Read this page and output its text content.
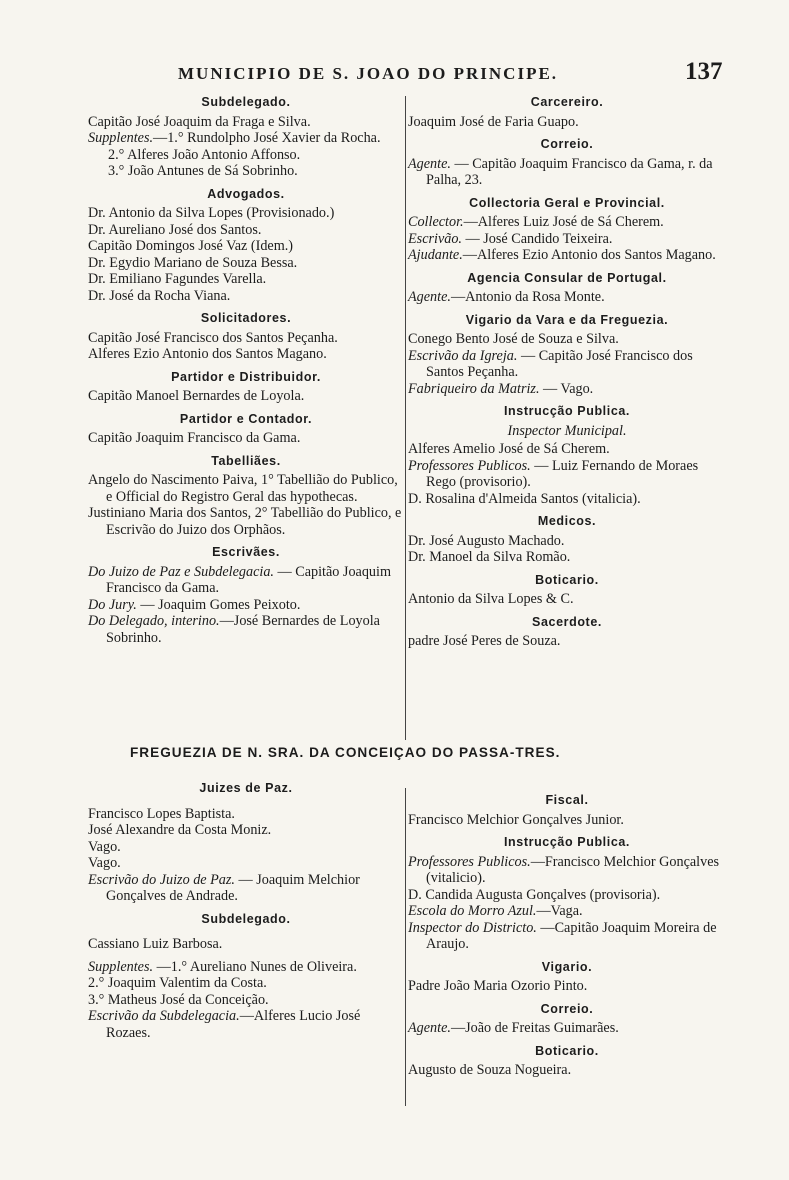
MUNICIPIO DE S. JOAO DO PRINCIPE.	137
Subdelegado.

Capitão José Joaquim da Fraga e Silva.

Supplentes.—1.° Rundolpho José Xavier da Rocha.

2.° Alferes João Antonio Affonso.

3.° João Antunes de Sá Sobrinho.

Advogados.

Dr. Antonio da Silva Lopes (Provisionado.)

Dr. Aureliano José dos Santos.

Capitão Domingos José Vaz (Idem.)

Dr. Egydio Mariano de Souza Bessa.

Dr. Emiliano Fagundes Varella.

Dr. José da Rocha Viana.

Solicitadores.

Capitão José Francisco dos Santos Peçanha.

Alferes Ezio Antonio dos Santos Magano.

Partidor e Distribuidor.

Capitão Manoel Bernardes de Loyola.

Partidor e Contador.

Capitão Joaquim Francisco da Gama.

Tabelliães.

Angelo do Nascimento Paiva, 1° Tabellião do Publico, e Official do Registro Geral das hypothecas.

Justiniano Maria dos Santos, 2° Tabellião do Publico, e Escrivão do Juizo dos Orphãos.

Escrivães.

Do Juizo de Paz e Subdelegacia. — Capitão Joaquim Francisco da Gama.

Do Jury. — Joaquim Gomes Peixoto.

Do Delegado, interino.—José Bernardes de Loyola Sobrinho.

Carcereiro.

Joaquim José de Faria Guapo.

Correio.

Agente. — Capitão Joaquim Francisco da Gama, r. da Palha, 23.

Collectoria Geral e Provincial.

Collector.—Alferes Luiz José de Sá Cherem.

Escrivão. — José Candido Teixeira.

Ajudante.—Alferes Ezio Antonio dos Santos Magano.

Agencia Consular de Portugal.

Agente.—Antonio da Rosa Monte.

Vigario da Vara e da Freguezia.

Conego Bento José de Souza e Silva.

Escrivão da Igreja. — Capitão José Francisco dos Santos Peçanha.

Fabriqueiro da Matriz. — Vago.

Instrucção Publica.

Inspector Municipal.

Alferes Amelio José de Sá Cherem.

Professores Publicos. — Luiz Fernando de Moraes Rego (provisorio).

D. Rosalina d'Almeida Santos (vitalicia).

Medicos.

Dr. José Augusto Machado.

Dr. Manoel da Silva Romão.

Boticario.

Antonio da Silva Lopes & C.

Sacerdote.

padre José Peres de Souza.

FREGUEZIA DE N. SRA. DA CONCEIÇAO DO PASSA-TRES.
Juizes de Paz.

Francisco Lopes Baptista.

José Alexandre da Costa Moniz.

Vago.

Vago.

Escrivão do Juizo de Paz. — Joaquim Melchior Gonçalves de Andrade.

Subdelegado.

Cassiano Luiz Barbosa.

Supplentes. —1.° Aureliano Nunes de Oliveira.

2.° Joaquim Valentim da Costa.

3.° Matheus José da Conceição.

Escrivão da Subdelegacia.—Alferes Lucio José Rozaes.

Fiscal.

Francisco Melchior Gonçalves Junior.

Instrucção Publica.

Professores Publicos.—Francisco Melchior Gonçalves (vitalicio).

D. Candida Augusta Gonçalves (provisoria).

Escola do Morro Azul.—Vaga.

Inspector do Districto. —Capitão Joaquim Moreira de Araujo.

Vigario.

Padre João Maria Ozorio Pinto.

Correio.

Agente.—João de Freitas Guimarães.

Boticario.

Augusto de Souza Nogueira.
